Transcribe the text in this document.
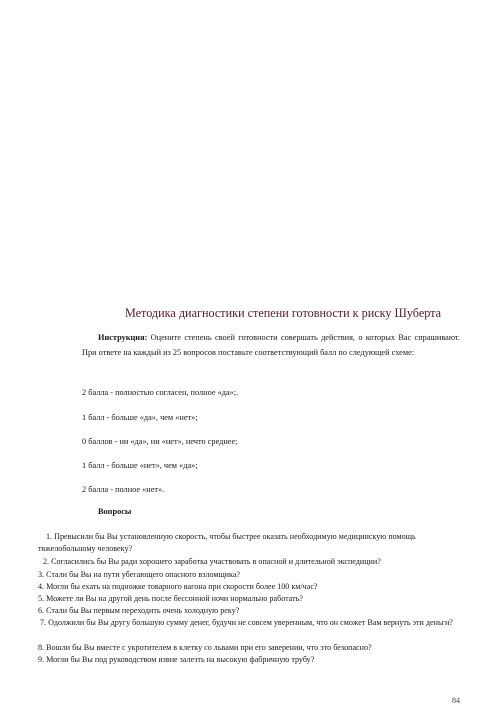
Методика диагностики степени готовности к риску Шуберта
Инструкция: Оцените степень своей готовности совершать действия, о которых Вас спрашивают. При ответе на каждый из 25 вопросов поставьте соответствующий балл по следующей схеме:
2 балла - полностью согласен, полное «да»;.
1 балл - больше «да», чем «нет»;
0 баллов - ни «да», ни «нет», нечто среднее;
1 балл - больше «нет», чем «да»;
2 балла - полное «нет».
Вопросы
1. Превысили бы Вы установленную скорость, чтобы быстрее оказать необходимую медицинскую помощь тяжелобольному человеку?
2. Согласились бы Вы ради хорошего заработка участвовать в опасной и длительной экспедиции?
3. Стали бы Вы на пути убегающего опасного взломщика?
4. Могли бы ехать на подножке товарного вагона при скорости более 100 км/час?
5. Можете ли Вы на другой день после бессонной ночи нормально работать?
6. Стали бы Вы первым переходить очень холодную реку?
7. Одолжили бы Вы другу большую сумму денег, будучи не совсем уверенным, что он сможет Вам вернуть эти деньги?
8. Вошли бы Вы вместе с укротителем в клетку со львами при его заверении, что это безопасно?
9. Могли бы Вы под руководством извне залезть на высокую фабричную трубу?
84
